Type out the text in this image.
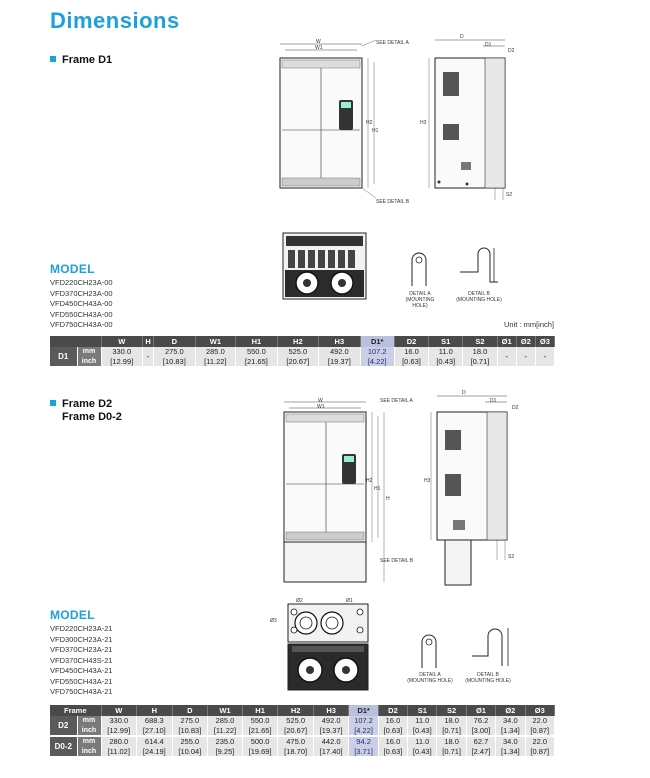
Dimensions
Frame D1
W
W1
SEE DETAIL A
SEE DETAIL B
H2
H1
D
D1
D2
H3
S2
DETAIL A
(MOUNTING HOLE)
DETAIL B
(MOUNTING HOLE)
MODEL
VFD220CH23A-00
VFD370CH23A-00
VFD450CH43A-00
VFD550CH43A-00
VFD750CH43A-00	Unit : mm[inch]
		W	H	D	W1	H1	H2	H3	D1*	D2	S1	S2	Ø1	Ø2	Ø3
D1	mm	330.0	-	275.0	285.0	550.0	525.0	492.0	107.2	16.0	11.0	18.0	-	-	-
	inch	[12.99]		[10.83]	[11.22]	[21.65]	[20.67]	[19.37]	[4.22]	[0.63]	[0.43]	[0.71]			
Frame D2
Frame D0-2
W
W1
SEE DETAIL A
SEE DETAIL B
H2
H1
H
D
D1
D2
H3
S2
Ø2	Ø1
Ø3
DETAIL A
(MOUNTING HOLE)
DETAIL B
(MOUNTING HOLE)
MODEL
VFD220CH23A-21
VFD300CH23A-21
VFD370CH23A-21
VFD370CH43S-21
VFD450CH43A-21
VFD550CH43A-21
VFD750CH43A-21
Frame		W	H	D	W1	H1	H2	H3	D1*	D2	S1	S2	Ø1	Ø2	Ø3
D2	mm	330.0	688.3	275.0	285.0	550.0	525.0	492.0	107.2	16.0	11.0	18.0	76.2	34.0	22.0
	inch	[12.99]	[27.10]	[10.83]	[11.22]	[21.65]	[20.67]	[19.37]	[4.22]	[0.63]	[0.43]	[0.71]	[3.00]	[1.34]	[0.87]

D0-2	mm	280.0	614.4	255.0	235.0	500.0	475.0	442.0	94.2	16.0	11.0	18.0	62.7	34.0	22.0
	inch	[11.02]	[24.19]	[10.04]	[9.25]	[19.69]	[18.70]	[17.40]	[3.71]	[0.63]	[0.43]	[0.71]	[2.47]	[1.34]	[0.87]
